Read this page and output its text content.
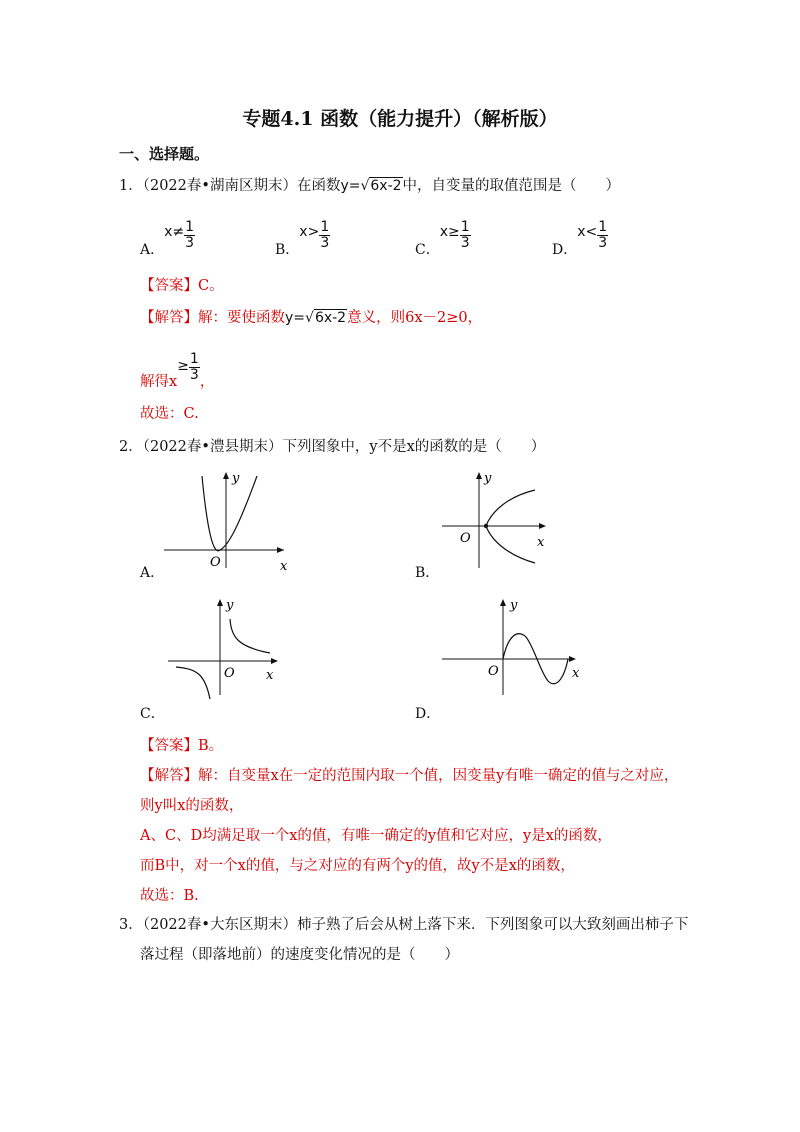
专题4.1 函数（能力提升）（解析版）
一、选择题。
1．（2022春•湖南区期末）在函数y=√6x-2中，自变量的取值范围是（　　）
A．$x\ne \frac{1}{3}$	B．$x> \frac{1}{3}$	C．$x\ge \frac{1}{3}$	D．$x< \frac{1}{3}$
【答案】C。
【解答】解：要使函数y=√6x-2意义，则6x－2≥0，
解得$x\ge \frac{1}{3}$ ，
故选：C.
2．（2022春•澧县期末）下列图象中，y不是x的函数的是（　　）
y
O	x
A．
y
O	x
B．
y
O x
C．
y
O	x
D．
【答案】B。
【解答】解：自变量x在一定的范围内取一个值，因变量y有唯一确定的值与之对应，
则y叫x的函数，
A、C、D均满足取一个x的值，有唯一确定的y值和它对应，y是x的函数，
而B中，对一个x的值，与之对应的有两个y的值，故y不是x的函数，
故选：B.
3．（2022春•大东区期末）柿子熟了后会从树上落下来．下列图象可以大致刻画出柿子下
落过程（即落地前）的速度变化情况的是（　　）
